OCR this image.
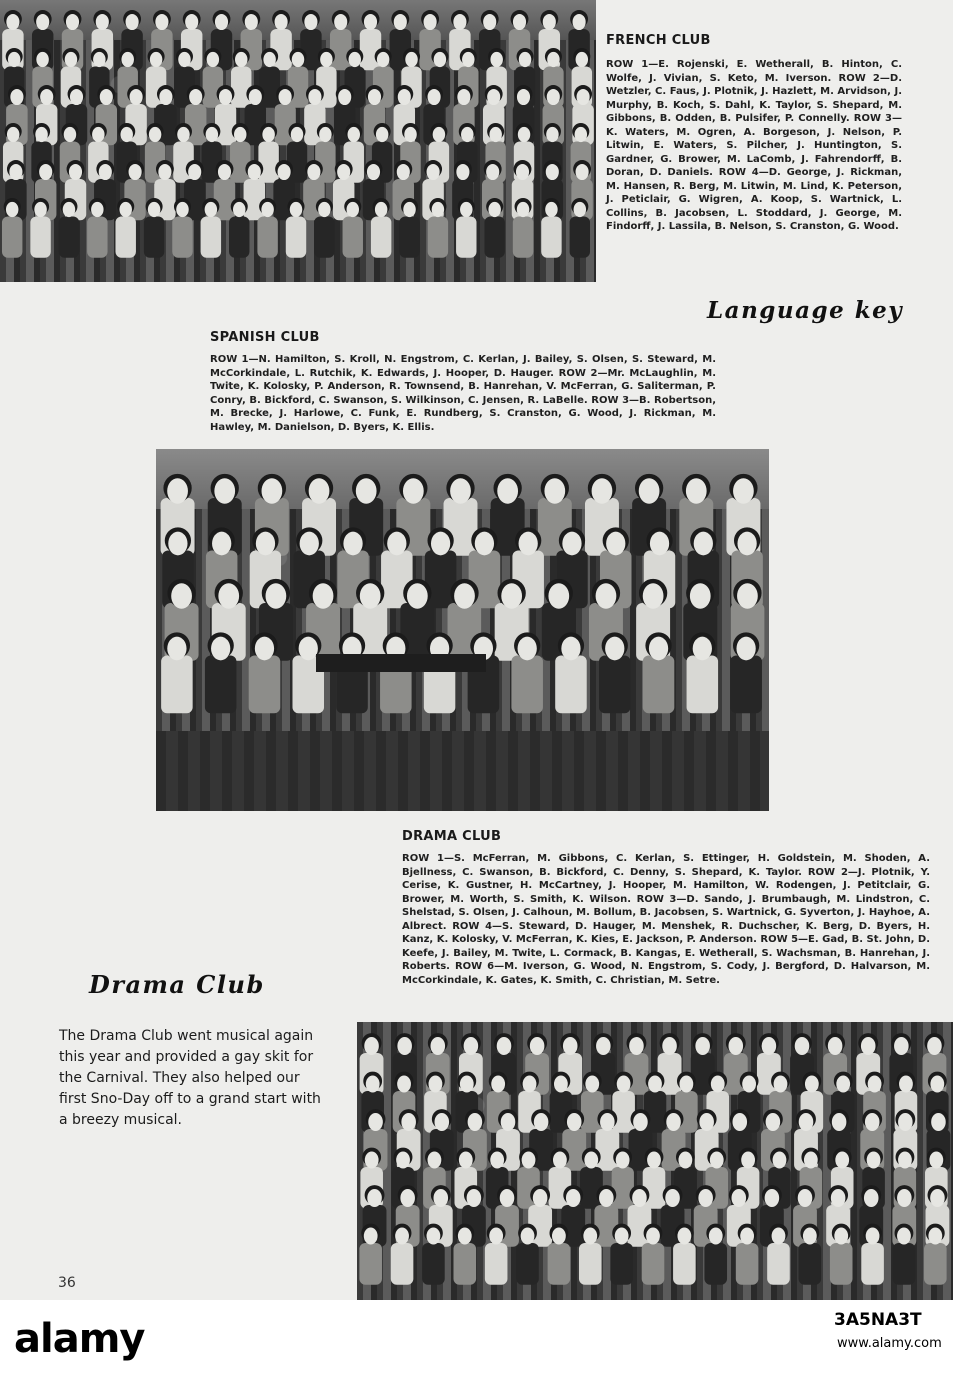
FRENCH CLUB

ROW 1—E. Rojenski, E. Wetherall, B. Hinton, C. Wolfe, J. Vivian, S. Keto, M. Iverson. ROW 2—D. Wetzler, C. Faus, J. Plotnik, J. Hazlett, M. Arvidson, J. Murphy, B. Koch, S. Dahl, K. Taylor, S. Shepard, M. Gibbons, B. Odden, B. Pulsifer, P. Connelly. ROW 3—K. Waters, M. Ogren, A. Borgeson, J. Nelson, P. Litwin, E. Waters, S. Pilcher, J. Huntington, S. Gardner, G. Brower, M. LaComb, J. Fahrendorff, B. Doran, D. Daniels. ROW 4—D. George, J. Rickman, M. Hansen, R. Berg, M. Litwin, M. Lind, K. Peterson, J. Peticlair, G. Wigren, A. Koop, S. Wartnick, L. Collins, B. Jacobsen, L. Stoddard, J. George, M. Findorff, J. Lassila, B. Nelson, S. Cranston, G. Wood.

Language key
SPANISH CLUB

ROW 1—N. Hamilton, S. Kroll, N. Engstrom, C. Kerlan, J. Bailey, S. Olsen, S. Steward, M. McCorkindale, L. Rutchik, K. Edwards, J. Hooper, D. Hauger. ROW 2—Mr. McLaughlin, M. Twite, K. Kolosky, P. Anderson, R. Townsend, B. Hanrehan, V. McFerran, G. Saliterman, P. Conry, B. Bickford, C. Swanson, S. Wilkinson, C. Jensen, R. LaBelle. ROW 3—B. Robertson, M. Brecke, J. Harlowe, C. Funk, E. Rundberg, S. Cranston, G. Wood, J. Rickman, M. Hawley, M. Danielson, D. Byers, K. Ellis.

DRAMA CLUB

ROW 1—S. McFerran, M. Gibbons, C. Kerlan, S. Ettinger, H. Goldstein, M. Shoden, A. Bjellness, C. Swanson, B. Bickford, C. Denny, S. Shepard, K. Taylor. ROW 2—J. Plotnik, Y. Cerise, K. Gustner, H. McCartney, J. Hooper, M. Hamilton, W. Rodengen, J. Petitclair, G. Brower, M. Worth, S. Smith, K. Wilson. ROW 3—D. Sando, J. Brumbaugh, M. Lindstron, C. Shelstad, S. Olsen, J. Calhoun, M. Bollum, B. Jacobsen, S. Wartnick, G. Syverton, J. Hayhoe, A. Albrect. ROW 4—S. Steward, D. Hauger, M. Menshek, R. Duchscher, K. Berg, D. Byers, H. Kanz, K. Kolosky, V. McFerran, K. Kies, E. Jackson, P. Anderson. ROW 5—E. Gad, B. St. John, D. Keefe, J. Bailey, M. Twite, L. Cormack, B. Kangas, E. Wetherall, S. Wachsman, B. Hanrehan, J. Roberts. ROW 6—M. Iverson, G. Wood, N. Engstrom, S. Cody, J. Bergford, D. Halvarson, M. McCorkindale, K. Gates, K. Smith, C. Christian, M. Setre.

Drama Club

The Drama Club went musical again this year and provided a gay skit for the Carnival. They also helped our first Sno-Day off to a grand start with a breezy musical.

36
alamy	3A5NA3T
www.alamy.com
